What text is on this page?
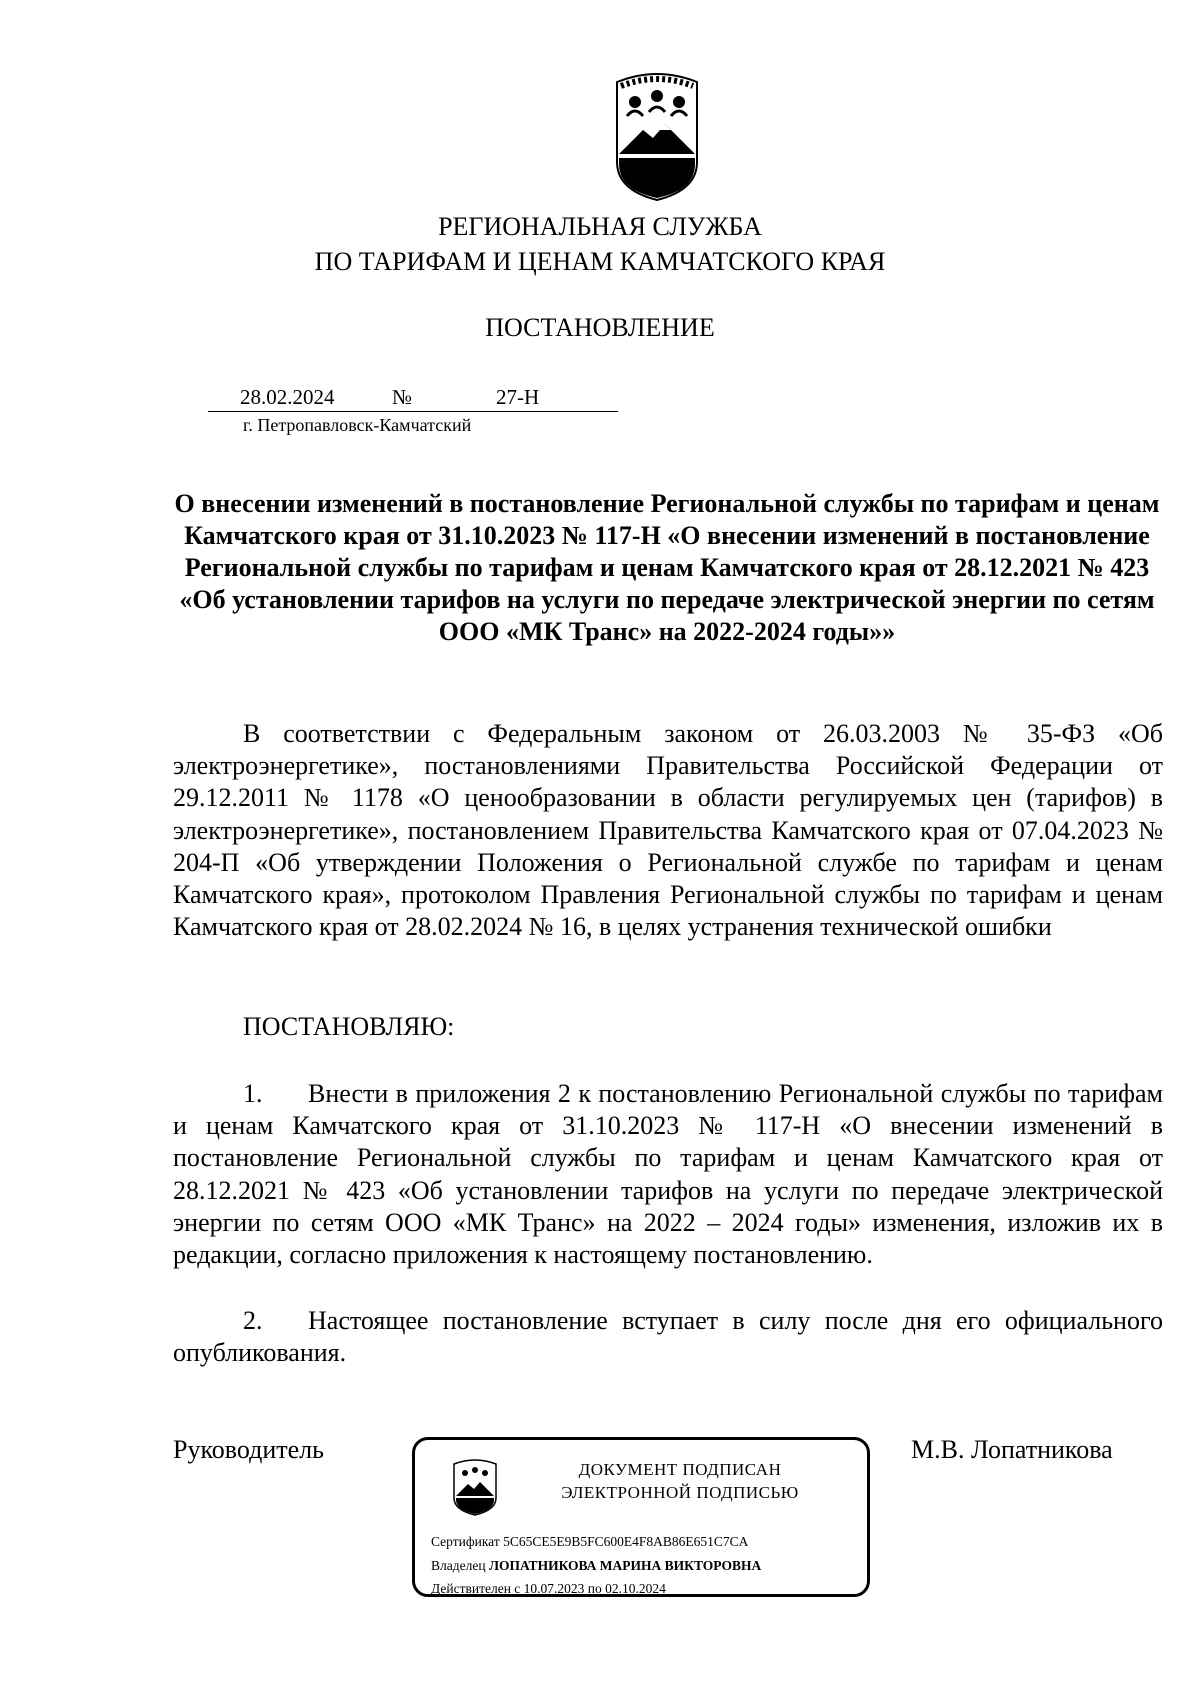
РЕГИОНАЛЬНАЯ СЛУЖБА
ПО ТАРИФАМ И ЦЕНАМ КАМЧАТСКОГО КРАЯ
ПОСТАНОВЛЕНИЕ
28.02.2024	№	27-Н
г. Петропавловск-Камчатский
О внесении изменений в постановление Региональной службы по тарифам и ценам Камчатского края от 31.10.2023 № 117-Н «О внесении изменений в постановление Региональной службы по тарифам и ценам Камчатского края от 28.12.2021 № 423 «Об установлении тарифов на услуги по передаче электрической энергии по сетям ООО «МК Транс» на 2022-2024 годы»»
В соответствии с Федеральным законом от 26.03.2003 № 35-ФЗ «Об электроэнергетике», постановлениями Правительства Российской Федерации от 29.12.2011 № 1178 «О ценообразовании в области регулируемых цен (тарифов) в электроэнергетике», постановлением Правительства Камчатского края от 07.04.2023 № 204-П «Об утверждении Положения о Региональной службе по тарифам и ценам Камчатского края», протоколом Правления Региональной службы по тарифам и ценам Камчатского края от 28.02.2024 № 16, в целях устранения технической ошибки
ПОСТАНОВЛЯЮ:
1. Внести в приложения 2 к постановлению Региональной службы по тарифам и ценам Камчатского края от 31.10.2023 № 117-Н «О внесении изменений в постановление Региональной службы по тарифам и ценам Камчатского края от 28.12.2021 № 423 «Об установлении тарифов на услуги по передаче электрической энергии по сетям ООО «МК Транс» на 2022 – 2024 годы» изменения, изложив их в редакции, согласно приложения к настоящему постановлению.
2. Настоящее постановление вступает в силу после дня его официального опубликования.
Руководитель	М.В. Лопатникова
ДОКУМЕНТ ПОДПИСАН
ЭЛЕКТРОННОЙ ПОДПИСЬЮ
Сертификат 5C65CE5E9B5FC600E4F8AB86E651C7CA
Владелец ЛОПАТНИКОВА МАРИНА ВИКТОРОВНА
Действителен с 10.07.2023 по 02.10.2024
